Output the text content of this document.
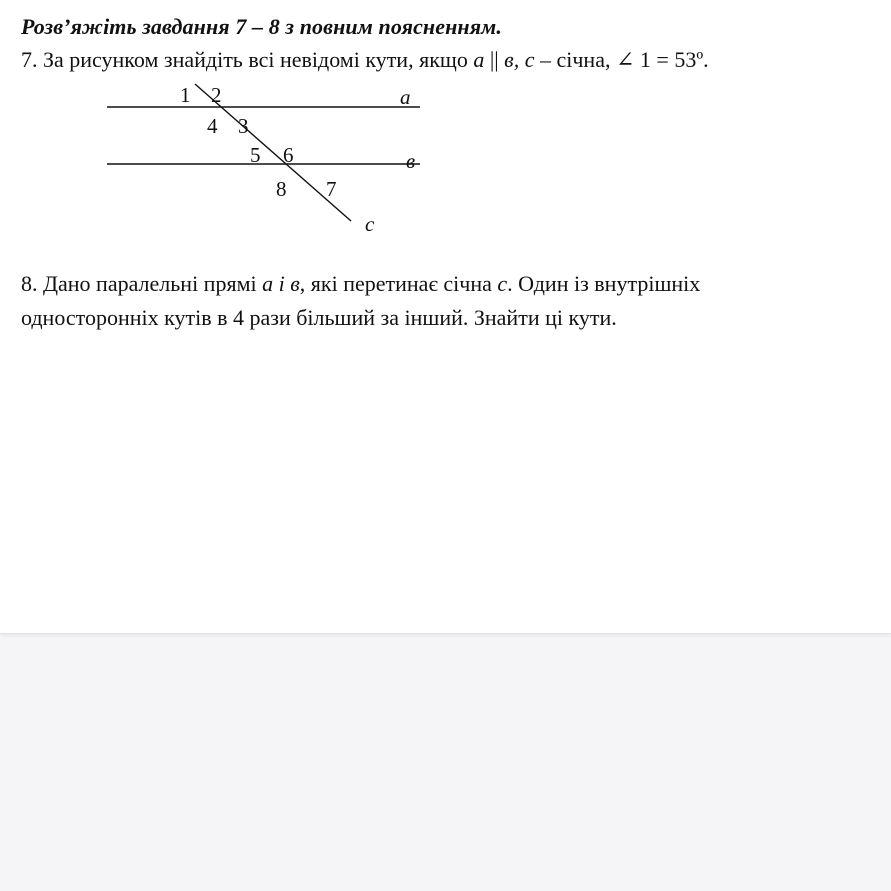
Розв’яжіть завдання 7 – 8 з повним поясненням.
7. За рисунком знайдіть всі невідомі кути, якщо a || в, c – січна, ∠ 1 = 53º.
a
в
c
1 2
4 3
5 6
8 7
8. Дано паралельні прямі a і в, які перетинає січна c. Один із внутрішніх
односторонніх кутів в 4 рази більший за інший. Знайти ці кути.
